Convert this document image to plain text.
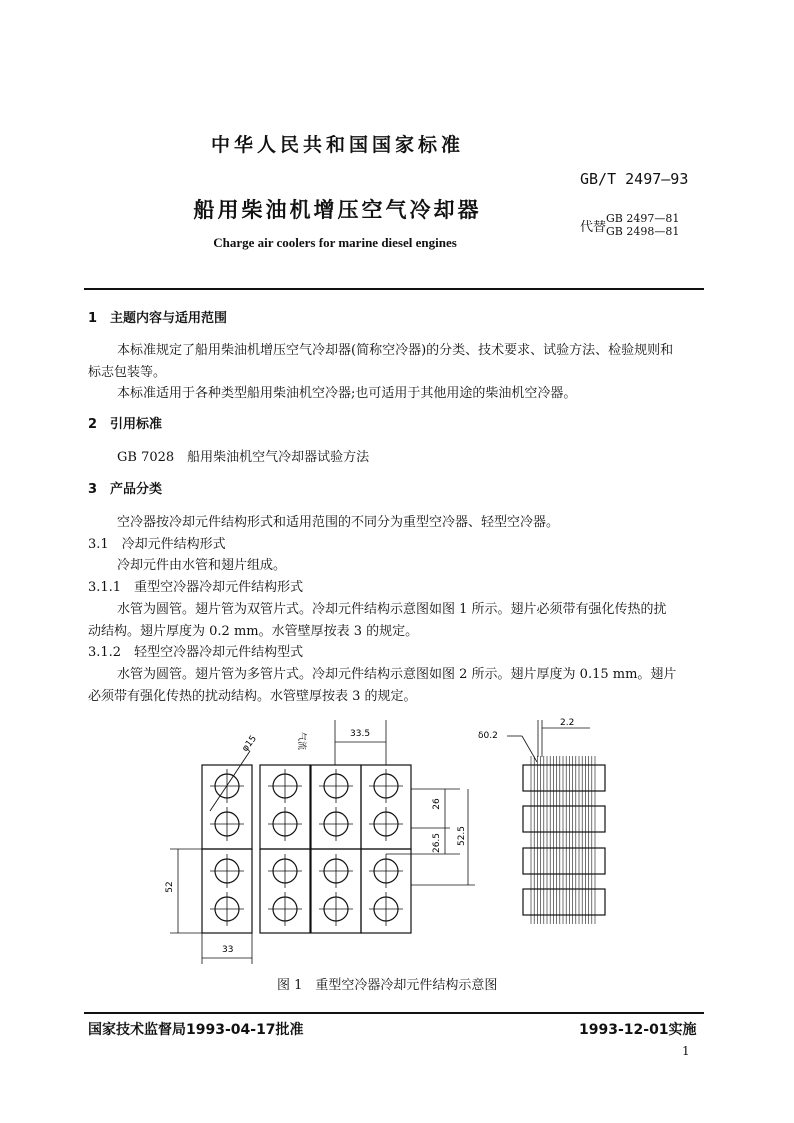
中华人民共和国国家标准
GB/T 2497—93
船用柴油机增压空气冷却器
代替GB 2497—81
GB 2498—81
Charge air coolers for marine diesel engines
1　主题内容与适用范围
本标准规定了船用柴油机增压空气冷却器(简称空冷器)的分类、技术要求、试验方法、检验规则和
标志包装等。
本标准适用于各种类型船用柴油机空冷器;也可适用于其他用途的柴油机空冷器。
2　引用标准
GB 7028　船用柴油机空气冷却器试验方法
3　产品分类
空冷器按冷却元件结构形式和适用范围的不同分为重型空冷器、轻型空冷器。
3.1　冷却元件结构形式
冷却元件由水管和翅片组成。
3.1.1　重型空冷器冷却元件结构形式
水管为圆管。翅片管为双管片式。冷却元件结构示意图如图 1 所示。翅片必须带有强化传热的扰
动结构。翅片厚度为 0.2 mm。水管壁厚按表 3 的规定。
3.1.2　轻型空冷器冷却元件结构型式
水管为圆管。翅片管为多管片式。冷却元件结构示意图如图 2 所示。翅片厚度为 0.15 mm。翅片
必须带有强化传热的扰动结构。水管壁厚按表 3 的规定。
φ15	气流	33.5
26
26.5 52.5
52
33
δ0.2
2.2
图 1　重型空冷器冷却元件结构示意图
国家技术监督局1993-04-17批准	1993-12-01实施
1
